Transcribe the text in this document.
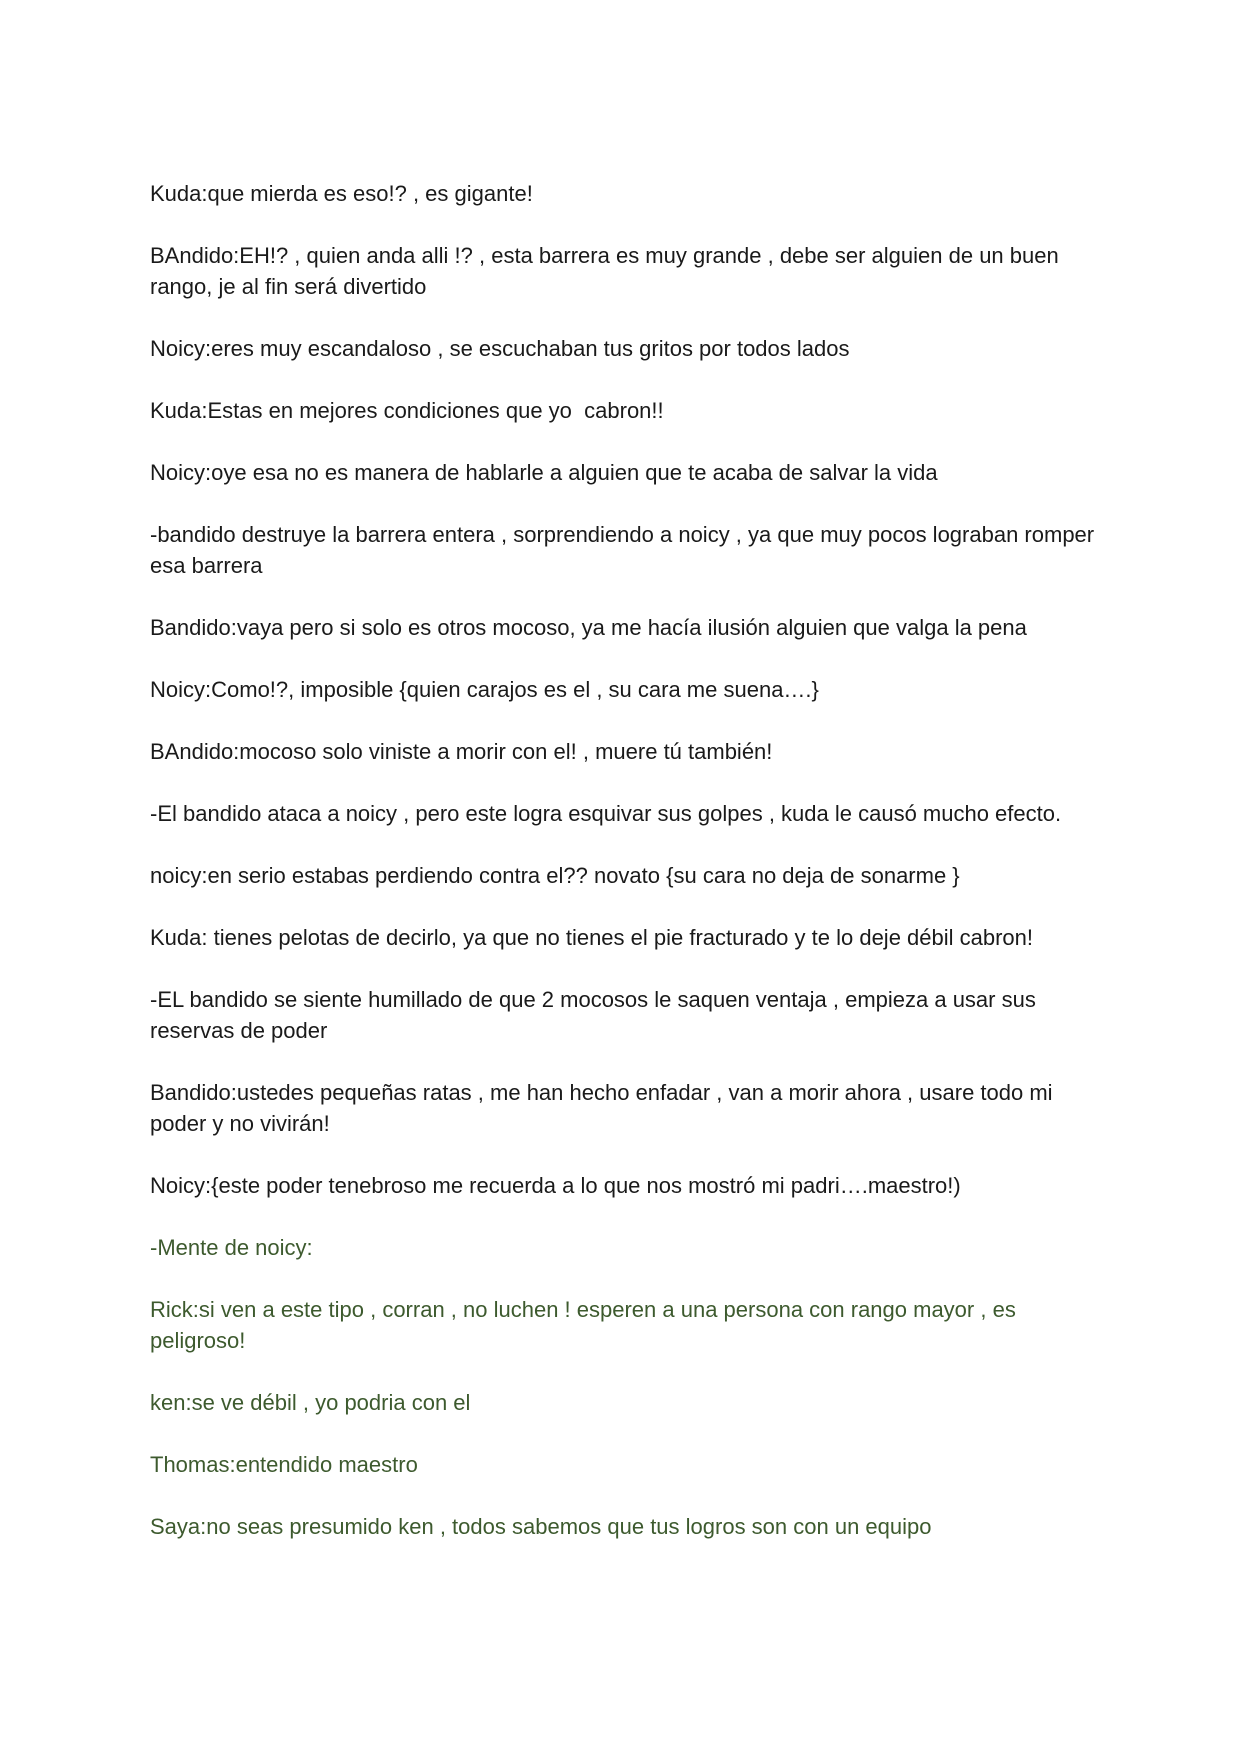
Kuda:que mierda es eso!? , es gigante!

BAndido:EH!? , quien anda alli !? , esta barrera es muy grande , debe ser alguien de un buen rango, je al fin será divertido

Noicy:eres muy escandaloso , se escuchaban tus gritos por todos lados

Kuda:Estas en mejores condiciones que yo  cabron!!

Noicy:oye esa no es manera de hablarle a alguien que te acaba de salvar la vida

-bandido destruye la barrera entera , sorprendiendo a noicy , ya que muy pocos lograban romper esa barrera

Bandido:vaya pero si solo es otros mocoso, ya me hacía ilusión alguien que valga la pena

Noicy:Como!?, imposible {quien carajos es el , su cara me suena….}

BAndido:mocoso solo viniste a morir con el! , muere tú también!

-El bandido ataca a noicy , pero este logra esquivar sus golpes , kuda le causó mucho efecto.

noicy:en serio estabas perdiendo contra el?? novato {su cara no deja de sonarme }

Kuda: tienes pelotas de decirlo, ya que no tienes el pie fracturado y te lo deje débil cabron!

-EL bandido se siente humillado de que 2 mocosos le saquen ventaja , empieza a usar sus reservas de poder

Bandido:ustedes pequeñas ratas , me han hecho enfadar , van a morir ahora , usare todo mi poder y no vivirán!

Noicy:{este poder tenebroso me recuerda a lo que nos mostró mi padri….maestro!)

-Mente de noicy:

Rick:si ven a este tipo , corran , no luchen ! esperen a una persona con rango mayor , es peligroso!

ken:se ve débil , yo podria con el

Thomas:entendido maestro

Saya:no seas presumido ken , todos sabemos que tus logros son con un equipo
